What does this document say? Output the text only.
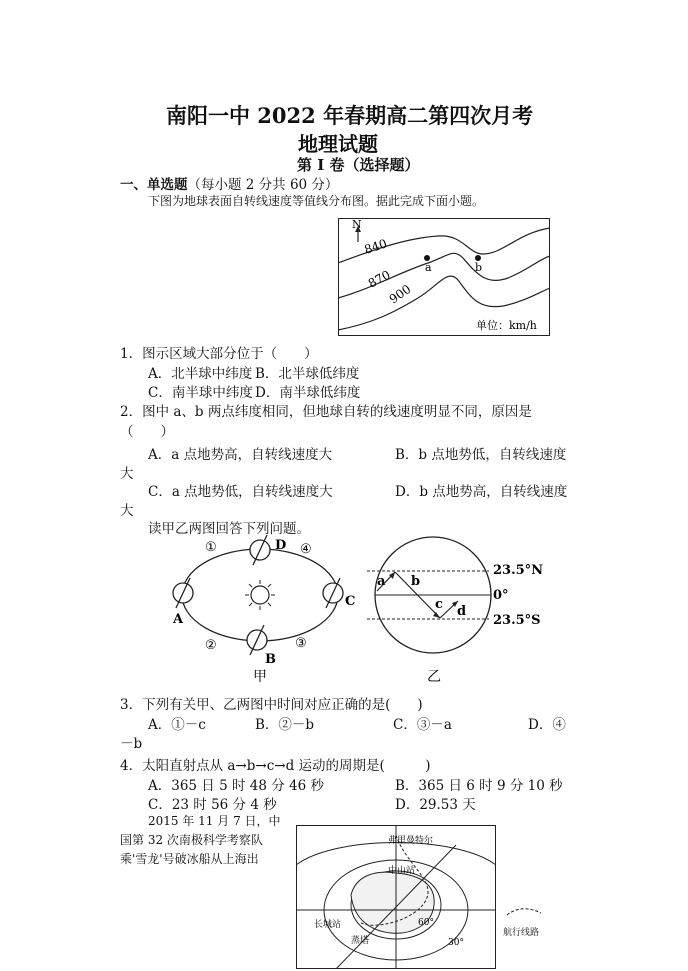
南阳一中 2022 年春期高二第四次月考
地理试题
第 I 卷（选择题）
一、单选题（每小题 2 分共 60 分）
下图为地球表面自转线速度等值线分布图。据此完成下面小题。
N
840
870
900
a	b
单位：km/h
1．图示区域大部分位于（　　）
A．北半球中纬度 B．北半球低纬度
C．南半球中纬度 D．南半球低纬度
2．图中 a、b 两点纬度相同，但地球自转的线速度明显不同，原因是
（　　）
A．a 点地势高，自转线速度大	B．b 点地势低，自转线速度
大
C．a 点地势低，自转线速度大	D．b 点地势高，自转线速度
大
读甲乙两图回答下列问题。
D
B
A
C
①	④
②	③
甲
a b
c d
23.5°N
0°
23.5°S
乙
3．下列有关甲、乙两图中时间对应正确的是(　　)
A．①－c	B．②－b	C．③－a	D．④
－b
4．太阳直射点从 a→b→c→d 运动的周期是(　　　)
A．365 日 5 时 48 分 46 秒	B．365 日 6 时 9 分 10 秒
C．23 时 56 分 4 秒	D．29.53 天
2015 年 11 月 7 日，中
国第 32 次南极科学考察队
乘'雪龙'号破冰船从上海出
弗里曼特尔
中山站
长城站
蒸塔
60°
30°
航行线路
